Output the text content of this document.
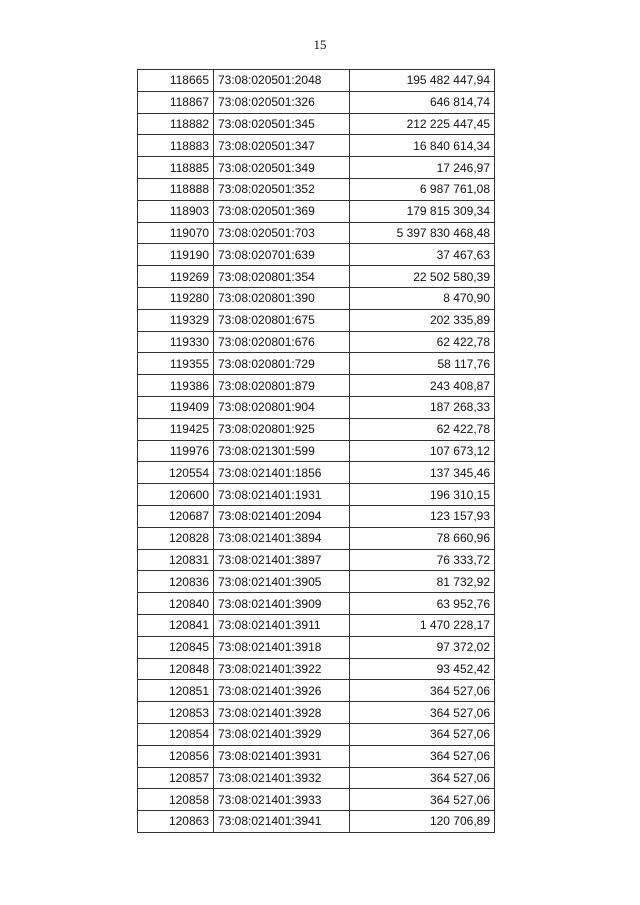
15
118665	73:08:020501:2048	195 482 447,94
118867	73:08:020501:326	646 814,74
118882	73:08:020501:345	212 225 447,45
118883	73:08:020501:347	16 840 614,34
118885	73:08:020501:349	17 246,97
118888	73:08:020501:352	6 987 761,08
118903	73:08:020501:369	179 815 309,34
119070	73:08:020501:703	5 397 830 468,48
119190	73:08:020701:639	37 467,63
119269	73:08:020801:354	22 502 580,39
119280	73:08:020801:390	8 470,90
119329	73:08:020801:675	202 335,89
119330	73:08:020801:676	62 422,78
119355	73:08:020801:729	58 117,76
119386	73:08:020801:879	243 408,87
119409	73:08:020801:904	187 268,33
119425	73:08:020801:925	62 422,78
119976	73:08:021301:599	107 673,12
120554	73:08:021401:1856	137 345,46
120600	73:08:021401:1931	196 310,15
120687	73:08:021401:2094	123 157,93
120828	73:08:021401:3894	78 660,96
120831	73:08:021401:3897	76 333,72
120836	73:08:021401:3905	81 732,92
120840	73:08:021401:3909	63 952,76
120841	73:08:021401:3911	1 470 228,17
120845	73:08:021401:3918	97 372,02
120848	73:08:021401:3922	93 452,42
120851	73:08:021401:3926	364 527,06
120853	73:08:021401:3928	364 527,06
120854	73:08:021401:3929	364 527,06
120856	73:08:021401:3931	364 527,06
120857	73:08:021401:3932	364 527,06
120858	73:08:021401:3933	364 527,06
120863	73:08:021401:3941	120 706,89
